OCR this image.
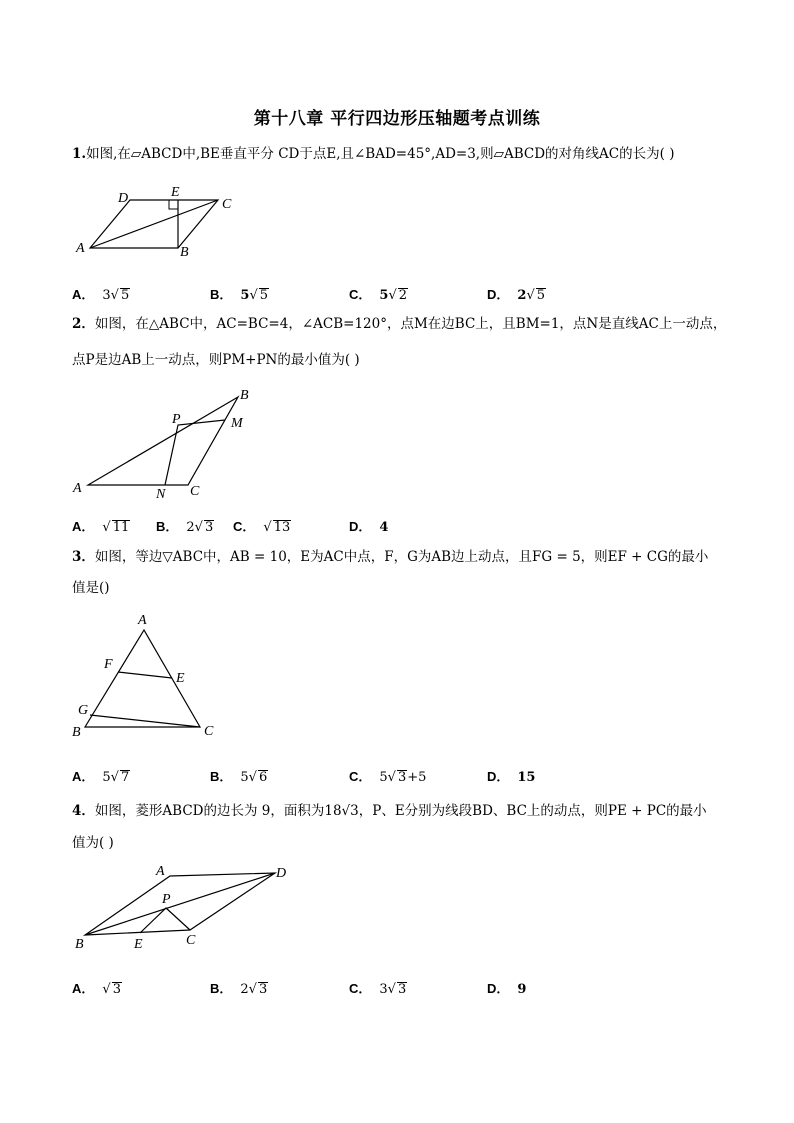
第十八章 平行四边形压轴题考点训练
1.如图,在▱ABCD中,BE垂直平分 CD于点E,且∠BAD=45°,AD=3,则▱ABCD的对角线AC的长为( )
D	E
C
A	B
A． 3√ 5	B． 5√ 5	C． 5√ 2	D． 2√ 5
2．如图，在△ABC中，AC=BC=4，∠ACB=120°，点M在边BC上，且BM=1，点N是直线AC上一动点，
点P是边AB上一动点，则PM+PN的最小值为( )
B
P	M
A	N C
A． √ 11 B． 2√ 3 C． √ 13	D． 4
3．如图，等边▽ABC中，AB = 10，E为AC中点，F，G为AB边上动点，且FG = 5，则EF + CG的最小
值是()
A
F
E
G
B	C
A． 5√ 7	B． 5√ 6	C． 5√ 3+5	D． 15
4．如图，菱形ABCD的边长为 9，面积为18√3，P、E分别为线段BD、BC上的动点，则PE + PC的最小
值为( )
A	D
P
B	E	C
A． √ 3	B． 2√ 3	C． 3√ 3	D． 9
